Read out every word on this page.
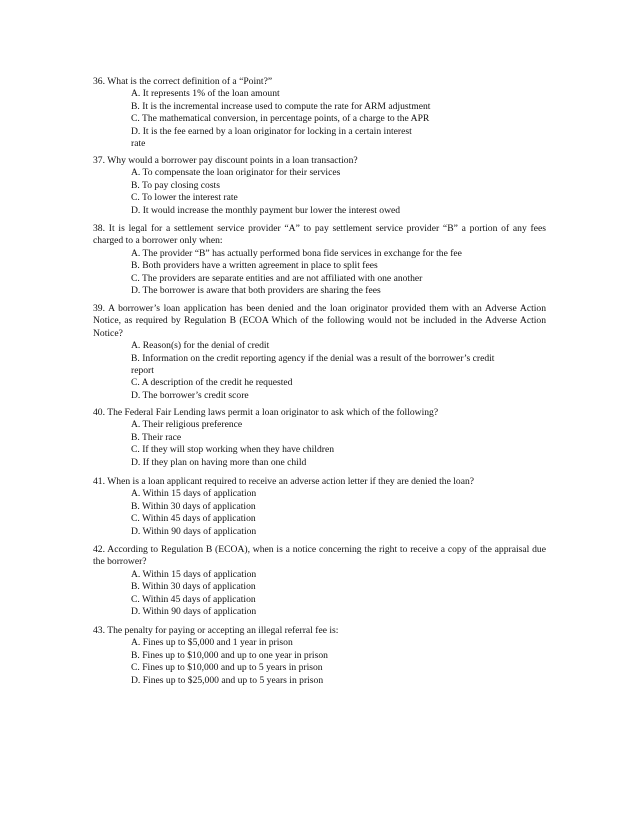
36. What is the correct definition of a “Point?”
A. It represents 1% of the loan amount
B. It is the incremental increase used to compute the rate for ARM adjustment
C. The mathematical conversion, in percentage points, of a charge to the APR
D. It is the fee earned by a loan originator for locking in a certain interest
rate
37. Why would a borrower pay discount points in a loan transaction?
A. To compensate the loan originator for their services
B. To pay closing costs
C. To lower the interest rate
D. It would increase the monthly payment bur lower the interest owed
38. It is legal for a settlement service provider “A” to pay settlement service provider “B” a portion of any fees charged to a borrower only when:
A. The provider “B” has actually performed bona fide services in exchange for the fee
B. Both providers have a written agreement in place to split fees
C. The providers are separate entities and are not affiliated with one another
D. The borrower is aware that both providers are sharing the fees
39. A borrower’s loan application has been denied and the loan originator provided them with an Adverse Action Notice, as required by Regulation B (ECOA Which of the following would not be included in the Adverse Action Notice?
A. Reason(s) for the denial of credit
B. Information on the credit reporting agency if the denial was a result of the borrower’s credit
report
C. A description of the credit he requested
D. The borrower’s credit score
40. The Federal Fair Lending laws permit a loan originator to ask which of the following?
A. Their religious preference
B. Their race
C. If they will stop working when they have children
D. If they plan on having more than one child
41. When is a loan applicant required to receive an adverse action letter if they are denied the loan?
A. Within 15 days of application
B. Within 30 days of application
C. Within 45 days of application
D. Within 90 days of application
42. According to Regulation B (ECOA), when is a notice concerning the right to receive a copy of the appraisal due the borrower?
A. Within 15 days of application
B. Within 30 days of application
C. Within 45 days of application
D. Within 90 days of application
43. The penalty for paying or accepting an illegal referral fee is:
A. Fines up to $5,000 and 1 year in prison
B. Fines up to $10,000 and up to one year in prison
C. Fines up to $10,000 and up to 5 years in prison
D. Fines up to $25,000 and up to 5 years in prison
